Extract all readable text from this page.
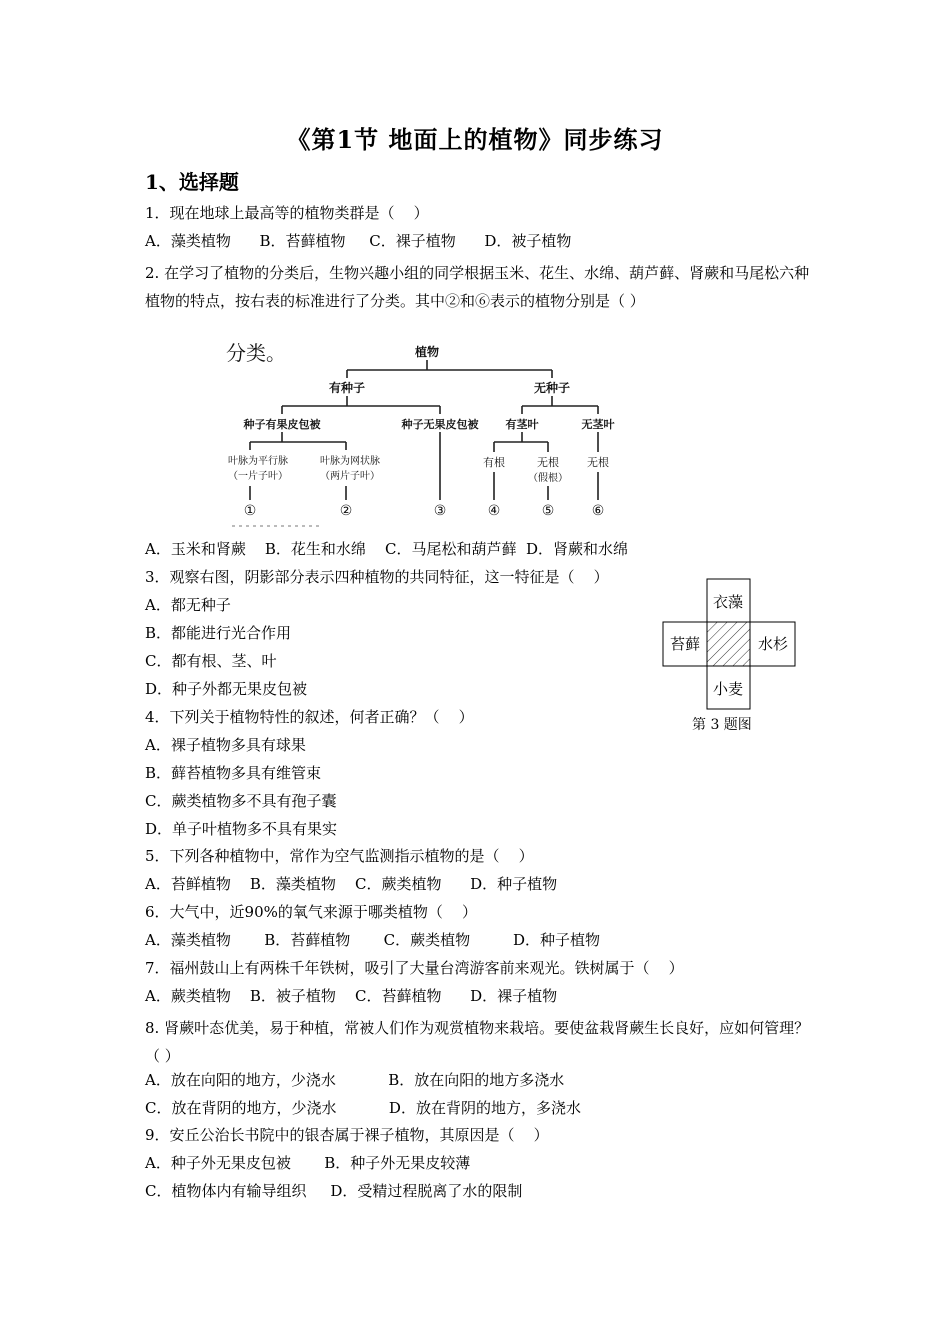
《第1节 地面上的植物》同步练习
1、选择题
1．现在地球上最高等的植物类群是（    ）
A．藻类植物      B．苔藓植物     C．裸子植物      D．被子植物
2. 在学习了植物的分类后，生物兴趣小组的同学根据玉米、花生、水绵、葫芦藓、肾蕨和马尾松六种植物的特点，按右表的标准进行了分类。其中②和⑥表示的植物分别是（ ）
分类。	植物
有种子	无种子
种子有果皮包被	种子无果皮包被 有茎叶	无茎叶
叶脉为平行脉
（一片子叶）
叶脉为网状脉
（两片子叶）
有根	无根
（假根）
无根
①	②	③	④	⑤	⑥
A．玉米和肾蕨    B．花生和水绵    C．马尾松和葫芦藓  D．肾蕨和水绵
3．观察右图，阴影部分表示四种植物的共同特征，这一特征是（    ）
A．都无种子
B．都能进行光合作用
C．都有根、茎、叶
D．种子外都无果皮包被
衣藻
苔藓	水杉
小麦
第 3 题图
4．下列关于植物特性的叙述，何者正确？（    ）
A．裸子植物多具有球果
B．藓苔植物多具有维管束
C．蕨类植物多不具有孢子囊
D．单子叶植物多不具有果实
5．下列各种植物中，常作为空气监测指示植物的是（    ）
A．苔鲜植物    B．藻类植物    C．蕨类植物      D．种子植物
6．大气中，近90%的氧气来源于哪类植物（    ）
A．藻类植物       B．苔藓植物       C．蕨类植物         D．种子植物
7．福州鼓山上有两株千年铁树，吸引了大量台湾游客前来观光。铁树属于（    ）
A．蕨类植物    B．被子植物    C．苔藓植物      D．裸子植物
8. 肾蕨叶态优美，易于种植，常被人们作为观赏植物来栽培。要使盆栽肾蕨生长良好，应如何管理？（ ）
A．放在向阳的地方，少浇水           B．放在向阳的地方多浇水
C．放在背阴的地方，少浇水           D．放在背阴的地方，多浇水
9．安丘公治长书院中的银杏属于裸子植物，其原因是（    ）
A．种子外无果皮包被       B．种子外无果皮较薄
C．植物体内有输导组织     D．受精过程脱离了水的限制
